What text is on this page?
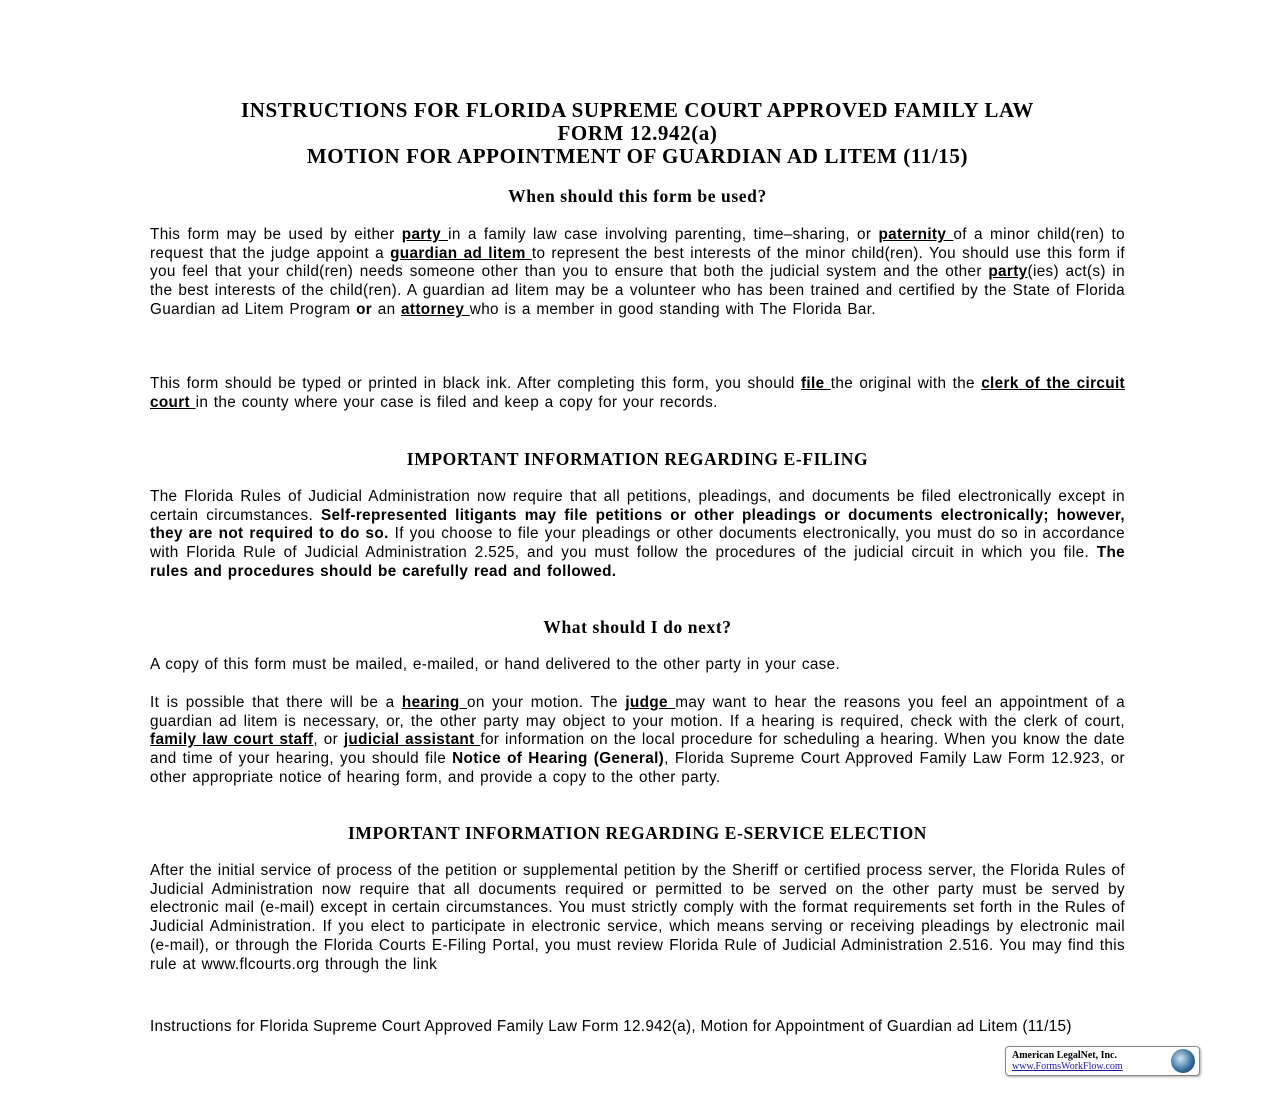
INSTRUCTIONS FOR FLORIDA SUPREME COURT APPROVED FAMILY LAW
FORM 12.942(a)
MOTION FOR APPOINTMENT OF GUARDIAN AD LITEM (11/15)
When should this form be used?
This form may be used by either party in a family law case involving parenting, time–sharing, or paternity of a minor child(ren) to request that the judge appoint a guardian ad litem to represent the best interests of the minor child(ren). You should use this form if you feel that your child(ren) needs someone other than you to ensure that both the judicial system and the other party(ies) act(s) in the best interests of the child(ren). A guardian ad litem may be a volunteer who has been trained and certified by the State of Florida Guardian ad Litem Program or an attorney who is a member in good standing with The Florida Bar.
This form should be typed or printed in black ink. After completing this form, you should file the original with the clerk of the circuit court in the county where your case is filed and keep a copy for your records.
IMPORTANT INFORMATION REGARDING E-FILING
The Florida Rules of Judicial Administration now require that all petitions, pleadings, and documents be filed electronically except in certain circumstances. Self-represented litigants may file petitions or other pleadings or documents electronically; however, they are not required to do so. If you choose to file your pleadings or other documents electronically, you must do so in accordance with Florida Rule of Judicial Administration 2.525, and you must follow the procedures of the judicial circuit in which you file. The rules and procedures should be carefully read and followed.
What should I do next?
A copy of this form must be mailed, e-mailed, or hand delivered to the other party in your case.
It is possible that there will be a hearing on your motion. The judge may want to hear the reasons you feel an appointment of a guardian ad litem is necessary, or, the other party may object to your motion. If a hearing is required, check with the clerk of court, family law court staff, or judicial assistant for information on the local procedure for scheduling a hearing. When you know the date and time of your hearing, you should file Notice of Hearing (General), Florida Supreme Court Approved Family Law Form 12.923, or other appropriate notice of hearing form, and provide a copy to the other party.
IMPORTANT INFORMATION REGARDING E-SERVICE ELECTION
After the initial service of process of the petition or supplemental petition by the Sheriff or certified process server, the Florida Rules of Judicial Administration now require that all documents required or permitted to be served on the other party must be served by electronic mail (e-mail) except in certain circumstances. You must strictly comply with the format requirements set forth in the Rules of Judicial Administration. If you elect to participate in electronic service, which means serving or receiving pleadings by electronic mail (e-mail), or through the Florida Courts E-Filing Portal, you must review Florida Rule of Judicial Administration 2.516. You may find this rule at www.flcourts.org through the link
Instructions for Florida Supreme Court Approved Family Law Form 12.942(a), Motion for Appointment of Guardian ad Litem (11/15)
American LegalNet, Inc.
www.FormsWorkFlow.com
